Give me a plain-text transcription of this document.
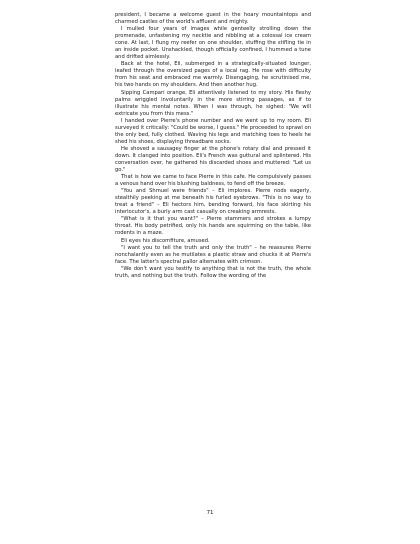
president, I became a welcome guest in the hoary mountaintops and charmed castles of the world's affluent and mighty.

I mulled four years of images while genteelly strolling down the promenade, unfastening my necktie and nibbling at a colossal ice cream cone. At last, I flung my reefer on one shoulder, stuffing the stifling tie in an inside pocket. Unshackled, though officially confined, I hummed a tune and drifted aimlessly.

Back at the hotel, Eli, submerged in a strategically-situated lounger, leafed through the oversized pages of a local rag. He rose with difficulty from his seat and embraced me warmly. Disengaging, he scrutinised me, his two hands on my shoulders. And then another hug.

Sipping Campari orange, Eli attentively listened to my story. His fleshy palms wriggled involuntarily in the more stirring passages, as if to illustrate his mental notes. When I was through, he sighed: "We will extricate you from this mess."

I handed over Pierre's phone number and we went up to my room. Eli surveyed it critically: "Could be worse, I guess." He proceeded to sprawl on the only bed, fully clothed. Waving his legs and matching toes to heels he shed his shoes, displaying threadbare socks.

He shoved a sausagey finger at the phone's rotary dial and pressed it down. It clanged into position. Eli's French was guttural and splintered. His conversation over, he gathered his discarded shoes and muttered: "Let us go."

That is how we came to face Pierre in this cafe. He compulsively passes a venous hand over his blushing baldness, to fend off the breeze.

"You and Shmuel were friends" – Eli implores. Pierre nods eagerly, stealthily peeking at me beneath his furled eyebrows. "This is no way to treat a friend" – Eli hectors him, bending forward, his face skirting his interlocutor's, a burly arm cast casually on creaking armrests.

"What is it that you want?" – Pierre stammers and strokes a lumpy throat. His body petrified, only his hands are squirming on the table, like rodents in a maze.

Eli eyes his discomfiture, amused.

"I want you to tell the truth and only the truth" – he reassures Pierre nonchalantly even as he mutilates a plastic straw and chucks it at Pierre's face. The latter's spectral pallor alternates with crimson.

"We don't want you testify to anything that is not the truth, the whole truth, and nothing but the truth. Follow the wording of the

71
